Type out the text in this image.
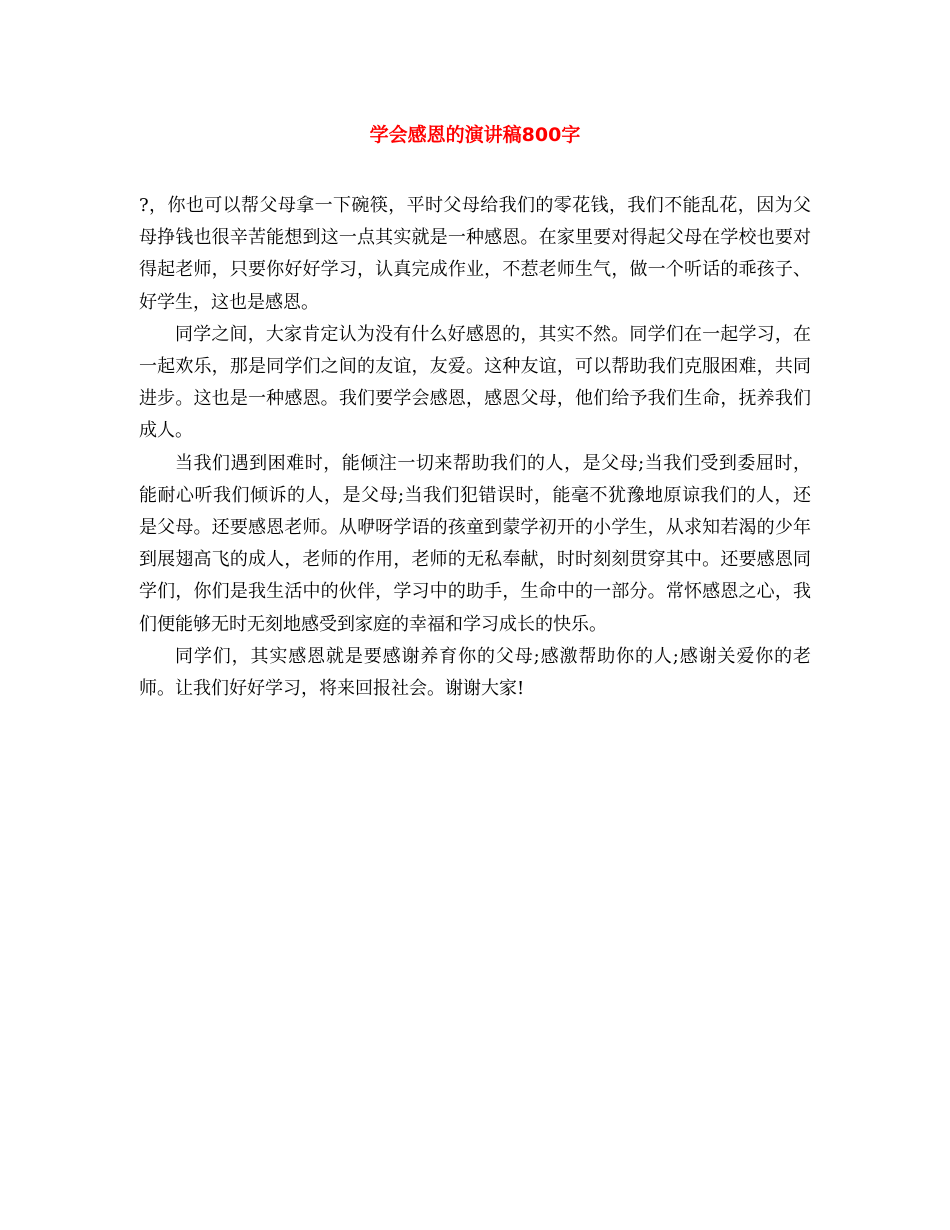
学会感恩的演讲稿800字

?，你也可以帮父母拿一下碗筷，平时父母给我们的零花钱，我们不能乱花，因为父母挣钱也很辛苦能想到这一点其实就是一种感恩。在家里要对得起父母在学校也要对得起老师，只要你好好学习，认真完成作业，不惹老师生气，做一个听话的乖孩子、好学生，这也是感恩。

同学之间，大家肯定认为没有什么好感恩的，其实不然。同学们在一起学习，在一起欢乐，那是同学们之间的友谊，友爱。这种友谊，可以帮助我们克服困难，共同进步。这也是一种感恩。我们要学会感恩，感恩父母，他们给予我们生命，抚养我们成人。

当我们遇到困难时，能倾注一切来帮助我们的人，是父母;当我们受到委屈时，能耐心听我们倾诉的人，是父母;当我们犯错误时，能毫不犹豫地原谅我们的人，还是父母。还要感恩老师。从咿呀学语的孩童到蒙学初开的小学生，从求知若渴的少年到展翅高飞的成人，老师的作用，老师的无私奉献，时时刻刻贯穿其中。还要感恩同学们，你们是我生活中的伙伴，学习中的助手，生命中的一部分。常怀感恩之心，我们便能够无时无刻地感受到家庭的幸福和学习成长的快乐。

同学们，其实感恩就是要感谢养育你的父母;感激帮助你的人;感谢关爱你的老师。让我们好好学习，将来回报社会。谢谢大家!
